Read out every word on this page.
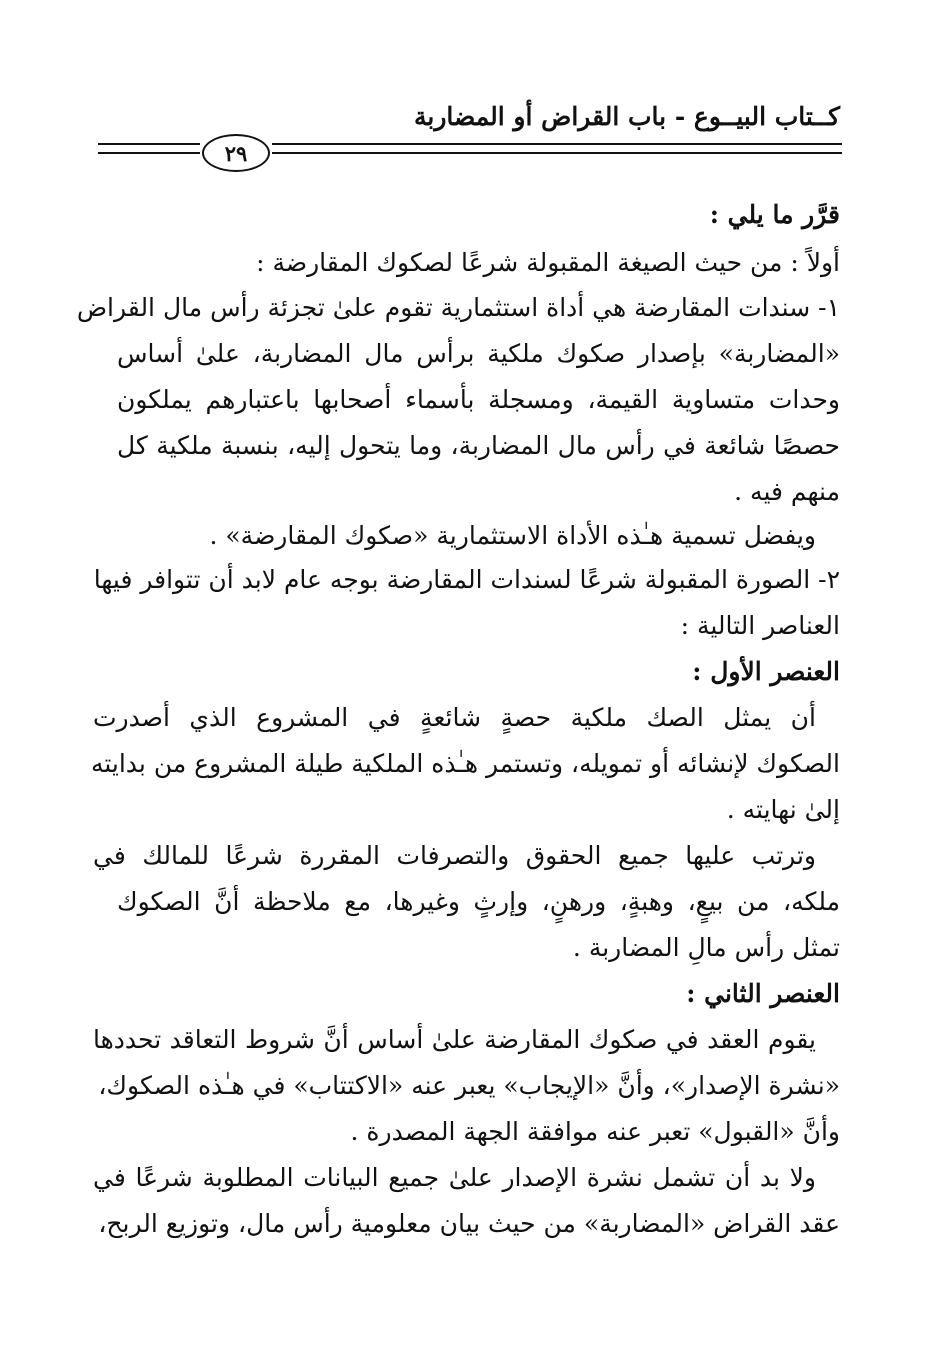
كــتاب البيــوع - باب القراض أو المضاربة
٢٩
قرَّر ما يلي :
أولاً : من حيث الصيغة المقبولة شرعًا لصكوك المقارضة :
١- سندات المقارضة هي أداة استثمارية تقوم علىٰ تجزئة رأس مال القراض
«المضاربة» بإصدار صكوك ملكية برأس مال المضاربة، علىٰ أساس
وحدات متساوية القيمة، ومسجلة بأسماء أصحابها باعتبارهم يملكون
حصصًا شائعة في رأس مال المضاربة، وما يتحول إليه، بنسبة ملكية كل
منهم فيه .
ويفضل تسمية هـٰذه الأداة الاستثمارية «صكوك المقارضة» .
٢- الصورة المقبولة شرعًا لسندات المقارضة بوجه عام لابد أن تتوافر فيها
العناصر التالية :
العنصر الأول :
أن يمثل الصك ملكية حصةٍ شائعةٍ في المشروع الذي أصدرت
الصكوك لإنشائه أو تمويله، وتستمر هـٰذه الملكية طيلة المشروع من بدايته
إلىٰ نهايته .
وترتب عليها جميع الحقوق والتصرفات المقررة شرعًا للمالك في
ملكه، من بيعٍ، وهبةٍ، ورهنٍ، وإرثٍ وغيرها، مع ملاحظة أنَّ الصكوك
تمثل رأس مالِ المضاربة .
العنصر الثاني :
يقوم العقد في صكوك المقارضة علىٰ أساس أنَّ شروط التعاقد تحددها
«نشرة الإصدار»، وأنَّ «الإيجاب» يعبر عنه «الاكتتاب» في هـٰذه الصكوك،
وأنَّ «القبول» تعبر عنه موافقة الجهة المصدرة .
ولا بد أن تشمل نشرة الإصدار علىٰ جميع البيانات المطلوبة شرعًا في
عقد القراض «المضاربة» من حيث بيان معلومية رأس مال، وتوزيع الربح،
